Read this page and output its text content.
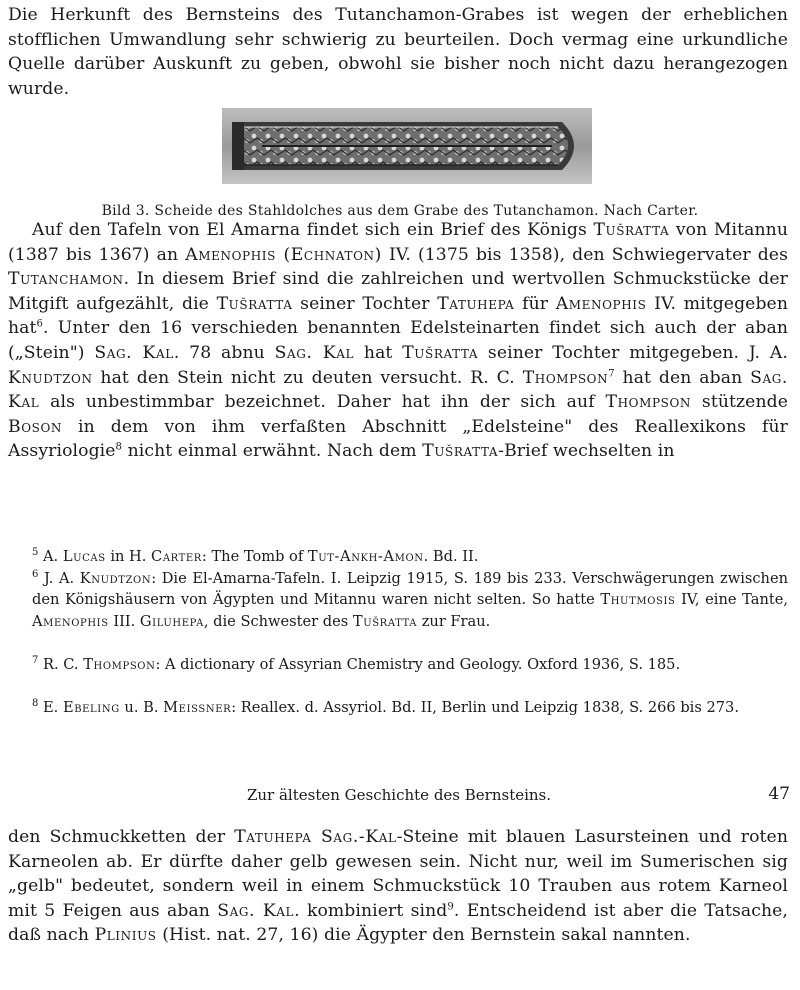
Die Herkunft des Bernsteins des Tutanchamon-Grabes ist wegen der erheblichen stofflichen Umwandlung sehr schwierig zu beurteilen. Doch vermag eine urkundliche Quelle darüber Auskunft zu geben, obwohl sie bisher noch nicht dazu herangezogen wurde.

Bild 3. Scheide des Stahldolches aus dem Grabe des Tutanchamon. Nach Carter.

Auf den Tafeln von El Amarna findet sich ein Brief des Königs Tušratta von Mitannu (1387 bis 1367) an Amenophis (Echnaton) IV. (1375 bis 1358), den Schwiegervater des Tutanchamon. In diesem Brief sind die zahlreichen und wertvollen Schmuckstücke der Mitgift aufgezählt, die Tušratta seiner Tochter Tatuhepa für Amenophis IV. mitgegeben hat$^6$. Unter den 16 verschieden benannten Edelsteinarten findet sich auch der aban („Stein") Sag. Kal. 78 abnu Sag. Kal hat Tušratta seiner Tochter mitgegeben. J. A. Knudtzon hat den Stein nicht zu deuten versucht. R. C. Thompson$^7$ hat den aban Sag. Kal als unbestimmbar bezeichnet. Daher hat ihn der sich auf Thompson stützende Boson in dem von ihm verfaßten Abschnitt „Edelsteine" des Reallexikons für Assyriologie$^8$ nicht einmal erwähnt. Nach dem Tušratta-Brief wechselten in

$^5$ A. Lucas in H. Carter: The Tomb of Tut-Ankh-Amon. Bd. II.
$^6$ J. A. Knudtzon: Die El-Amarna-Tafeln. I. Leipzig 1915, S. 189 bis 233. Verschwägerungen zwischen den Königshäusern von Ägypten und Mitannu waren nicht selten. So hatte Thutmosis IV, eine Tante, Amenophis III. Giluhepa, die Schwester des Tušratta zur Frau.
$^7$ R. C. Thompson: A dictionary of Assyrian Chemistry and Geology. Oxford 1936, S. 185.
$^8$ E. Ebeling u. B. Meissner: Reallex. d. Assyriol. Bd. II, Berlin und Leipzig 1838, S. 266 bis 273.
Zur ältesten Geschichte des Bernsteins.	47

den Schmuckketten der Tatuhepa Sag.-Kal-Steine mit blauen Lasursteinen und roten Karneolen ab. Er dürfte daher gelb gewesen sein. Nicht nur, weil im Sumerischen sig „gelb" bedeutet, sondern weil in einem Schmuckstück 10 Trauben aus rotem Karneol mit 5 Feigen aus aban Sag. Kal. kombiniert sind$^9$. Entscheidend ist aber die Tatsache, daß nach Plinius (Hist. nat. 27, 16) die Ägypter den Bernstein sakal nannten.
